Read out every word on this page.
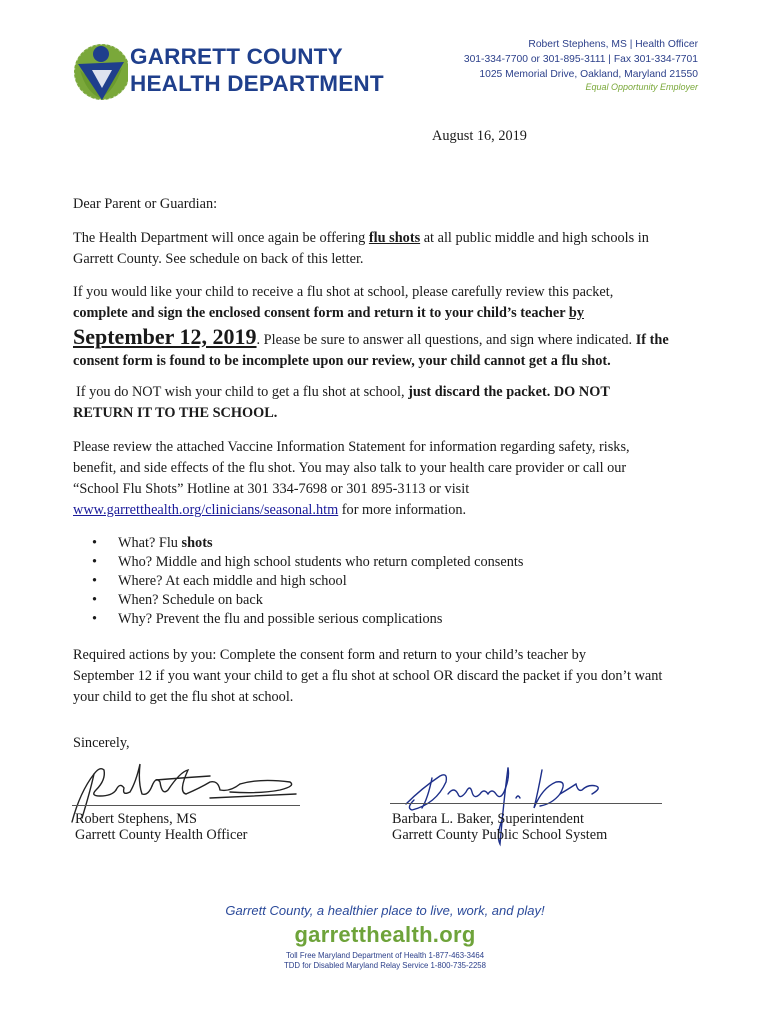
GARRETT COUNTY
HEALTH DEPARTMENT
Robert Stephens, MS | Health Officer
301-334-7700 or 301-895-3111 | Fax 301-334-7701
1025 Memorial Drive, Oakland, Maryland 21550
Equal Opportunity Employer
August 16, 2019
Dear Parent or Guardian:
The Health Department will once again be offering flu shots at all public middle and high schools in
Garrett County. See schedule on back of this letter.
If you would like your child to receive a flu shot at school, please carefully review this packet,
complete and sign the enclosed consent form and return it to your child’s teacher by
September 12, 2019. Please be sure to answer all questions, and sign where indicated. If the
consent form is found to be incomplete upon our review, your child cannot get a flu shot.
If you do NOT wish your child to get a flu shot at school, just discard the packet. DO NOT
RETURN IT TO THE SCHOOL.
Please review the attached Vaccine Information Statement for information regarding safety, risks,
benefit, and side effects of the flu shot. You may also talk to your health care provider or call our
“School Flu Shots” Hotline at 301 334-7698 or 301 895-3113 or visit
www.garretthealth.org/clinicians/seasonal.htm for more information.
• What? Flu shots
• Who? Middle and high school students who return completed consents
• Where? At each middle and high school
• When? Schedule on back
• Why? Prevent the flu and possible serious complications
Required actions by you: Complete the consent form and return to your child’s teacher by
September 12 if you want your child to get a flu shot at school OR discard the packet if you don’t want
your child to get the flu shot at school.
Sincerely,
Robert Stephens, MS
Garrett County Health Officer
Barbara L. Baker, Superintendent
Garrett County Public School System
Garrett County, a healthier place to live, work, and play!
garretthealth.org
Toll Free Maryland Department of Health 1-877-463-3464
TDD for Disabled Maryland Relay Service 1-800-735-2258
